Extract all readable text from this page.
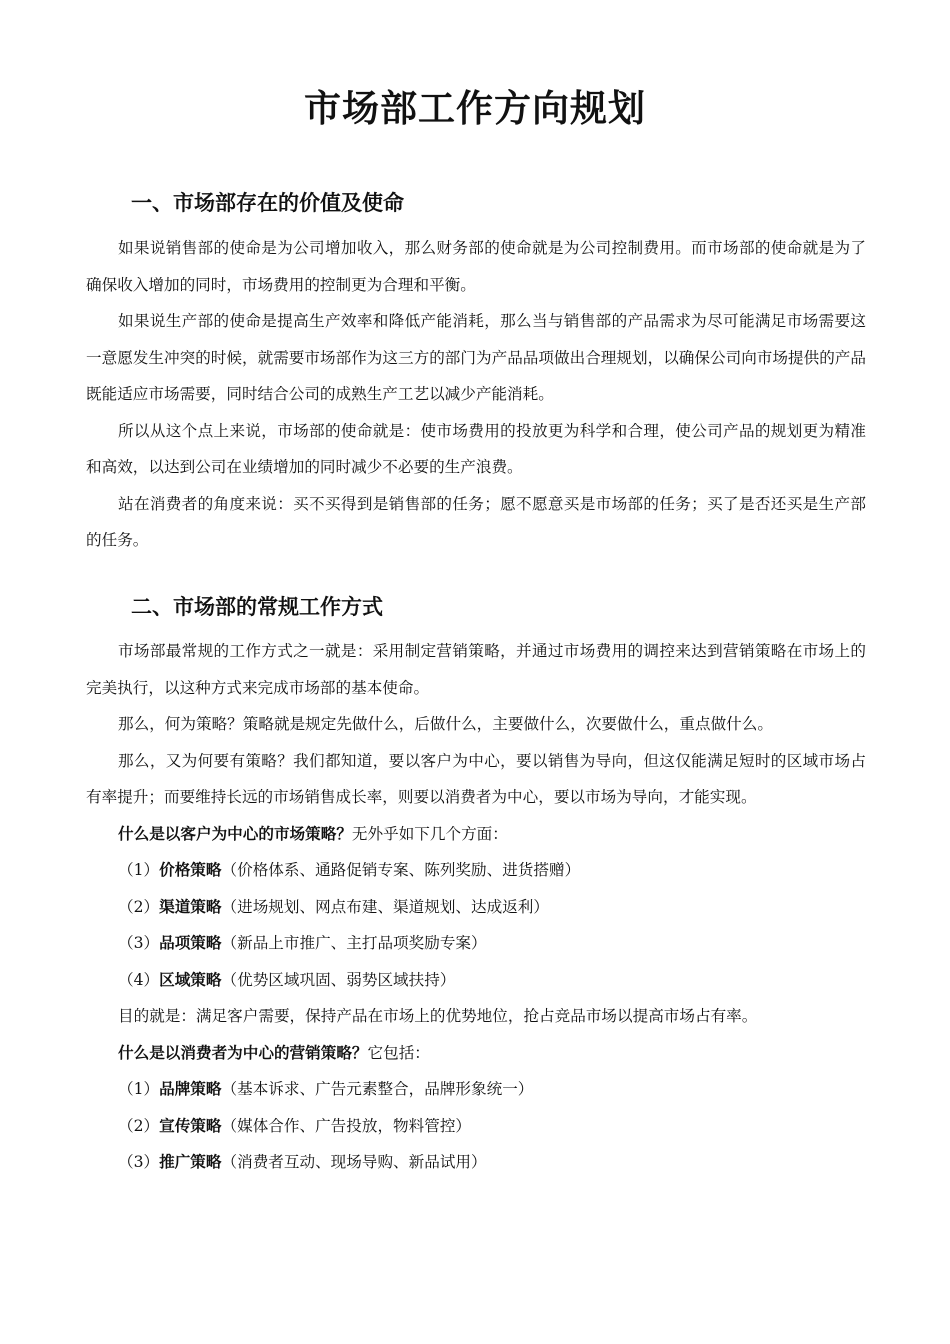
市场部工作方向规划
一、市场部存在的价值及使命

如果说销售部的使命是为公司增加收入，那么财务部的使命就是为公司控制费用。而市场部的使命就是为了确保收入增加的同时，市场费用的控制更为合理和平衡。

如果说生产部的使命是提高生产效率和降低产能消耗，那么当与销售部的产品需求为尽可能满足市场需要这一意愿发生冲突的时候，就需要市场部作为这三方的部门为产品品项做出合理规划，以确保公司向市场提供的产品既能适应市场需要，同时结合公司的成熟生产工艺以减少产能消耗。

所以从这个点上来说，市场部的使命就是：使市场费用的投放更为科学和合理，使公司产品的规划更为精准和高效，以达到公司在业绩增加的同时减少不必要的生产浪费。

站在消费者的角度来说：买不买得到是销售部的任务；愿不愿意买是市场部的任务；买了是否还买是生产部的任务。

二、市场部的常规工作方式

市场部最常规的工作方式之一就是：采用制定营销策略，并通过市场费用的调控来达到营销策略在市场上的完美执行，以这种方式来完成市场部的基本使命。

那么，何为策略？策略就是规定先做什么，后做什么，主要做什么，次要做什么，重点做什么。

那么，又为何要有策略？我们都知道，要以客户为中心，要以销售为导向，但这仅能满足短时的区域市场占有率提升；而要维持长远的市场销售成长率，则要以消费者为中心，要以市场为导向，才能实现。

什么是以客户为中心的市场策略？无外乎如下几个方面：

（1）价格策略（价格体系、通路促销专案、陈列奖励、进货搭赠）

（2）渠道策略（进场规划、网点布建、渠道规划、达成返利）

（3）品项策略（新品上市推广、主打品项奖励专案）

（4）区域策略（优势区域巩固、弱势区域扶持）

目的就是：满足客户需要，保持产品在市场上的优势地位，抢占竞品市场以提高市场占有率。

什么是以消费者为中心的营销策略？它包括：

（1）品牌策略（基本诉求、广告元素整合，品牌形象统一）

（2）宣传策略（媒体合作、广告投放，物料管控）

（3）推广策略（消费者互动、现场导购、新品试用）
